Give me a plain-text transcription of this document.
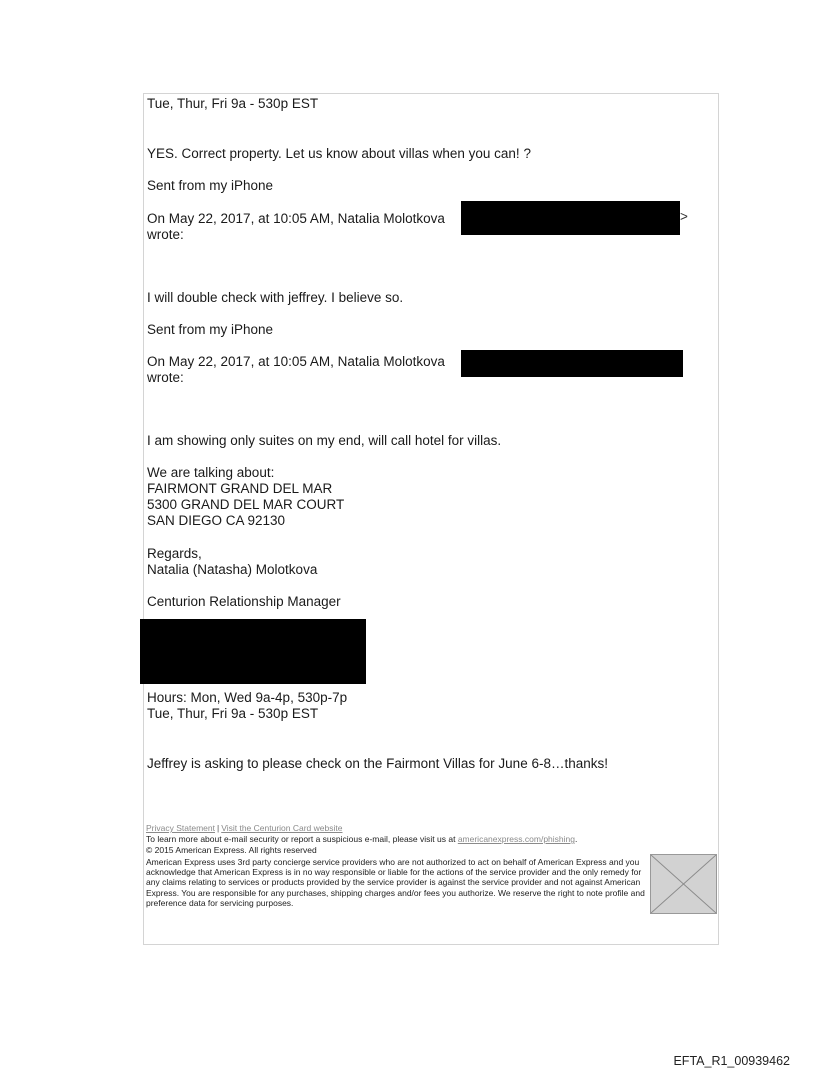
Tue, Thur, Fri 9a - 530p EST
YES. Correct property. Let us know about villas when you can! ?
Sent from my iPhone
On May 22, 2017, at 10:05 AM, Natalia Molotkova	>
wrote:
I will double check with jeffrey. I believe so.
Sent from my iPhone
On May 22, 2017, at 10:05 AM, Natalia Molotkova
wrote:
I am showing only suites on my end, will call hotel for villas.
We are talking about:
FAIRMONT GRAND DEL MAR
5300 GRAND DEL MAR COURT
SAN DIEGO CA 92130
Regards,
Natalia (Natasha) Molotkova
Centurion Relationship Manager
Hours: Mon, Wed 9a-4p, 530p-7p
Tue, Thur, Fri 9a - 530p EST
Jeffrey is asking to please check on the Fairmont Villas for June 6-8…thanks!
Privacy Statement | Visit the Centurion Card website
To learn more about e-mail security or report a suspicious e-mail, please visit us at americanexpress.com/phishing.
© 2015 American Express. All rights reserved
American Express uses 3rd party concierge service providers who are not authorized to act on behalf of American Express and you acknowledge that American Express is in no way responsible or liable for the actions of the service provider and the only remedy for any claims relating to services or products provided by the service provider is against the service provider and not against American Express. You are responsible for any purchases, shipping charges and/or fees you authorize. We reserve the right to note profile and preference data for servicing purposes.
EFTA_R1_00939462
